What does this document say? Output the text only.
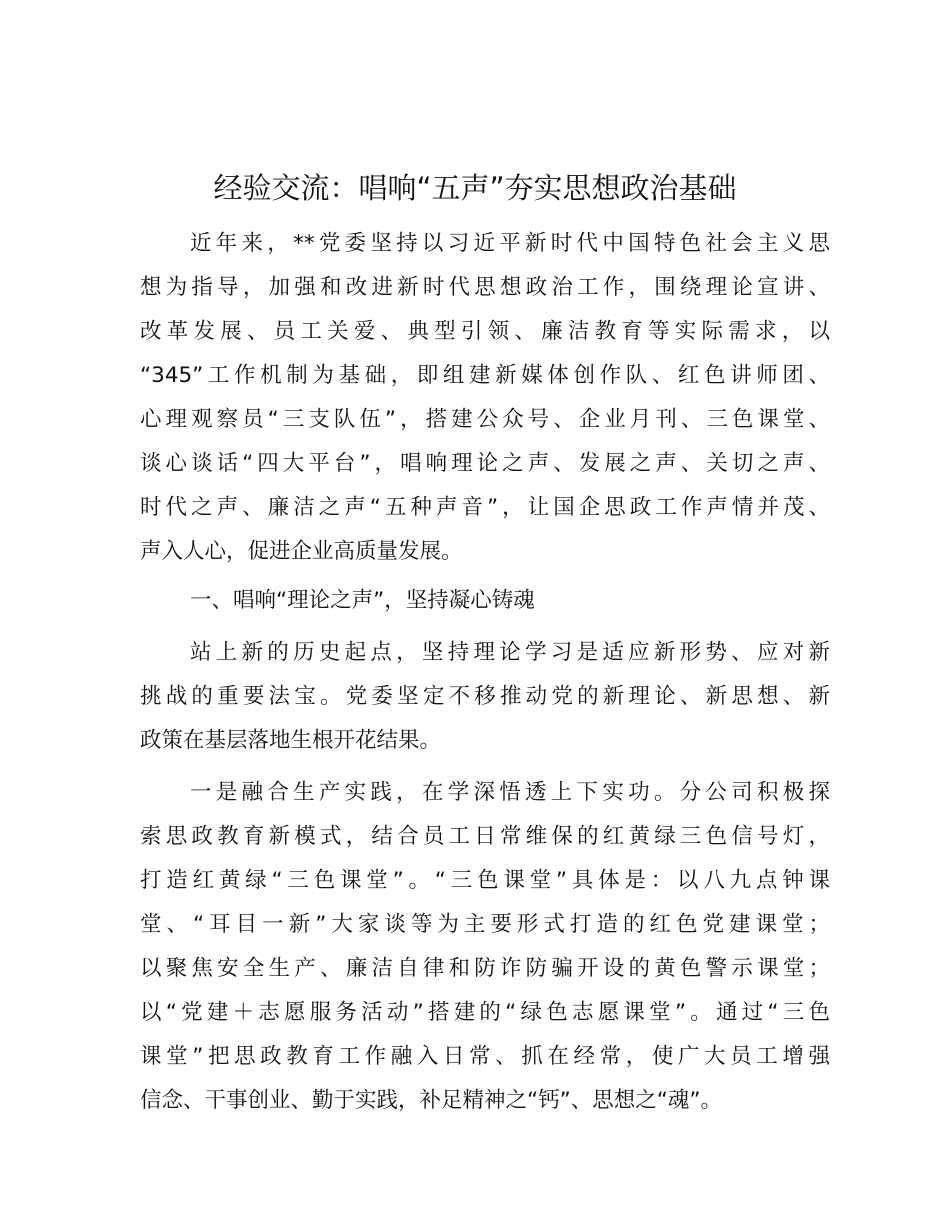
经验交流：唱响“五声”夯实思想政治基础
近年来，**党委坚持以习近平新时代中国特色社会主义思
想为指导，加强和改进新时代思想政治工作，围绕理论宣讲、
改革发展、员工关爱、典型引领、廉洁教育等实际需求，以
“345”工作机制为基础，即组建新媒体创作队、红色讲师团、
心理观察员“三支队伍”，搭建公众号、企业月刊、三色课堂、
谈心谈话“四大平台”，唱响理论之声、发展之声、关切之声、
时代之声、廉洁之声“五种声音”，让国企思政工作声情并茂、
声入人心，促进企业高质量发展。
一、唱响“理论之声”，坚持凝心铸魂
站上新的历史起点，坚持理论学习是适应新形势、应对新
挑战的重要法宝。党委坚定不移推动党的新理论、新思想、新
政策在基层落地生根开花结果。
一是融合生产实践，在学深悟透上下实功。分公司积极探
索思政教育新模式，结合员工日常维保的红黄绿三色信号灯，
打造红黄绿“三色课堂”。“三色课堂”具体是：以八九点钟课
堂、“耳目一新”大家谈等为主要形式打造的红色党建课堂；
以聚焦安全生产、廉洁自律和防诈防骗开设的黄色警示课堂；
以“党建＋志愿服务活动”搭建的“绿色志愿课堂”。通过“三色
课堂”把思政教育工作融入日常、抓在经常，使广大员工增强
信念、干事创业、勤于实践，补足精神之“钙”、思想之“魂”。
